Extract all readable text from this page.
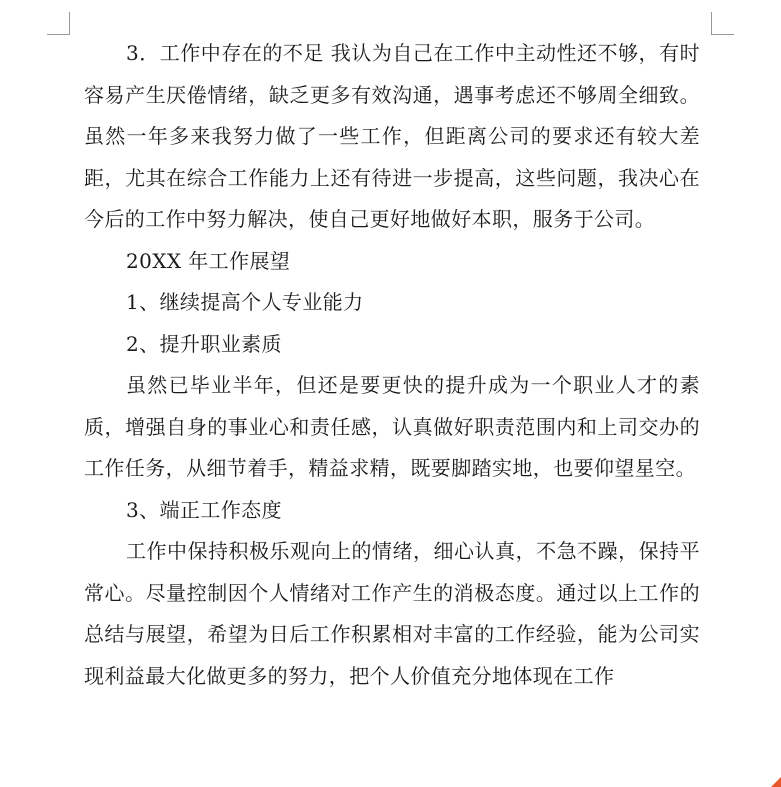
3．工作中存在的不足 我认为自己在工作中主动性还不够，有时容易产生厌倦情绪，缺乏更多有效沟通，遇事考虑还不够周全细致。虽然一年多来我努力做了一些工作，但距离公司的要求还有较大差距，尤其在综合工作能力上还有待进一步提高，这些问题，我决心在今后的工作中努力解决，使自己更好地做好本职，服务于公司。

20XX 年工作展望

1、继续提高个人专业能力

2、提升职业素质

虽然已毕业半年，但还是要更快的提升成为一个职业人才的素质，增强自身的事业心和责任感，认真做好职责范围内和上司交办的工作任务，从细节着手，精益求精，既要脚踏实地，也要仰望星空。

3、端正工作态度

工作中保持积极乐观向上的情绪，细心认真，不急不躁，保持平常心。尽量控制因个人情绪对工作产生的消极态度。通过以上工作的总结与展望，希望为日后工作积累相对丰富的工作经验，能为公司实现利益最大化做更多的努力，把个人价值充分地体现在工作
